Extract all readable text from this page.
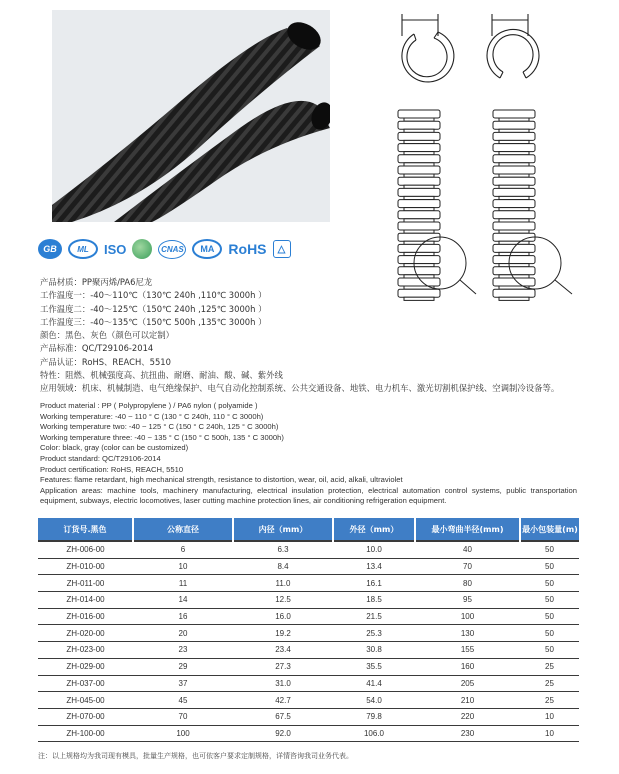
GB	ML	ISO	CNAS	MA	RoHS	△

产品材质：PP聚丙烯/PA6尼龙

工作温度一：-40～110℃（130℃ 240h ,110℃ 3000h ）

工作温度二：-40～125℃（150℃ 240h ,125℃ 3000h ）

工作温度三：-40～135℃（150℃ 500h ,135℃ 3000h ）

颜色：黑色、灰色（颜色可以定制）

产品标准：QC/T29106-2014

产品认证：RoHS、REACH、5510

特性：阻燃、机械强度高、抗扭曲、耐磨、耐油、酸、碱、紫外线

应用领域：机床、机械制造、电气绝缘保护、电气自动化控制系统、公共交通设备、地铁、电力机车、激光切割机保护线、空调制冷设备等。

Product material : PP ( Polypropylene ) / PA6 nylon ( polyamide )

Working temperature: -40 ~ 110 ° C (130 ° C 240h, 110 ° C 3000h)

Working temperature two: -40 ~ 125 ° C (150 ° C 240h, 125 ° C 3000h)

Working temperature three: -40 ~ 135 ° C (150 ° C 500h, 135 ° C 3000h)

Color: black, gray (color can be customized)

Product standard: QC/T29106-2014

Product certification: RoHS, REACH, 5510

Features: flame retardant, high mechanical strength, resistance to distortion, wear, oil, acid, alkali, ultraviolet

Application areas: machine tools, machinery manufacturing, electrical insulation protection, electrical automation control systems, public transportation equipment, subways, electric locomotives, laser cutting machine protection lines, air conditioning refrigeration equipment.

订货号.黑色	公称直径	内径（mm）	外径（mm）	最小弯曲半径(mm)	最小包装量(m)
ZH-006-00	6	6.3	10.0	40	50
ZH-010-00	10	8.4	13.4	70	50
ZH-011-00	11	11.0	16.1	80	50
ZH-014-00	14	12.5	18.5	95	50
ZH-016-00	16	16.0	21.5	100	50
ZH-020-00	20	19.2	25.3	130	50
ZH-023-00	23	23.4	30.8	155	50
ZH-029-00	29	27.3	35.5	160	25
ZH-037-00	37	31.0	41.4	205	25
ZH-045-00	45	42.7	54.0	210	25
ZH-070-00	70	67.5	79.8	220	10
ZH-100-00	100	92.0	106.0	230	10
注：以上规格均为我司现有模具，批量生产规格，也可依客户要求定制规格，详情咨询我司业务代表。
